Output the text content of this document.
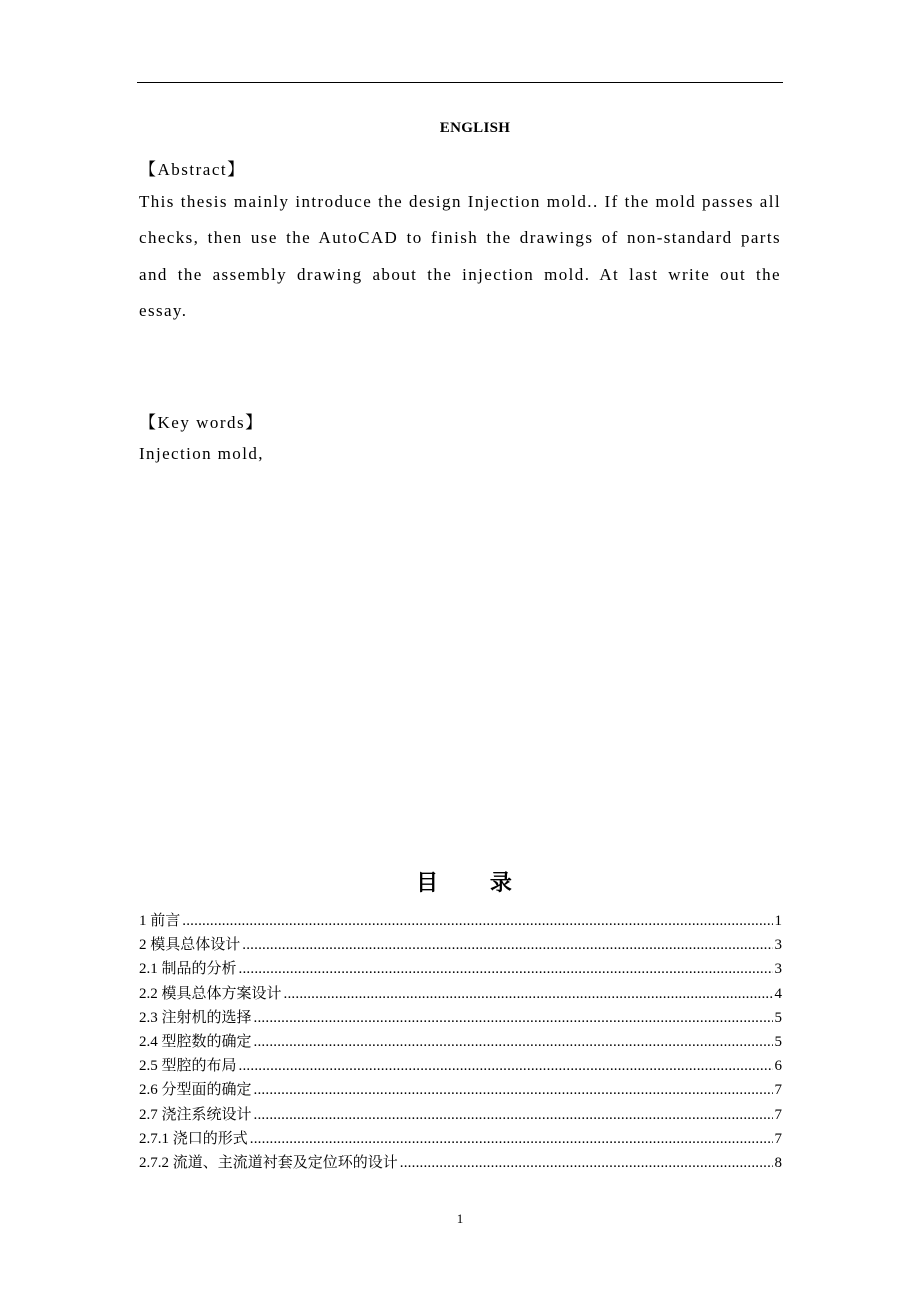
ENGLISH
【Abstract】

This thesis mainly introduce the design Injection mold.. If the mold passes all checks, then use the AutoCAD to finish the drawings of non-standard parts and the assembly drawing about the injection mold. At last write out the essay.

【Key words】
Injection mold,
目 录
1 前言 .....	1
2 模具总体设计 .....	3
2.1 制品的分析 .....	3
2.2 模具总体方案设计 .....	4
2.3 注射机的选择 .....	5
2.4 型腔数的确定 .....	5
2.5 型腔的布局 .....	6
2.6 分型面的确定 .....	7
2.7 浇注系统设计 .....	7
2.7.1 浇口的形式 .....	7
2.7.2 流道、主流道衬套及定位环的设计 .....	8
1
